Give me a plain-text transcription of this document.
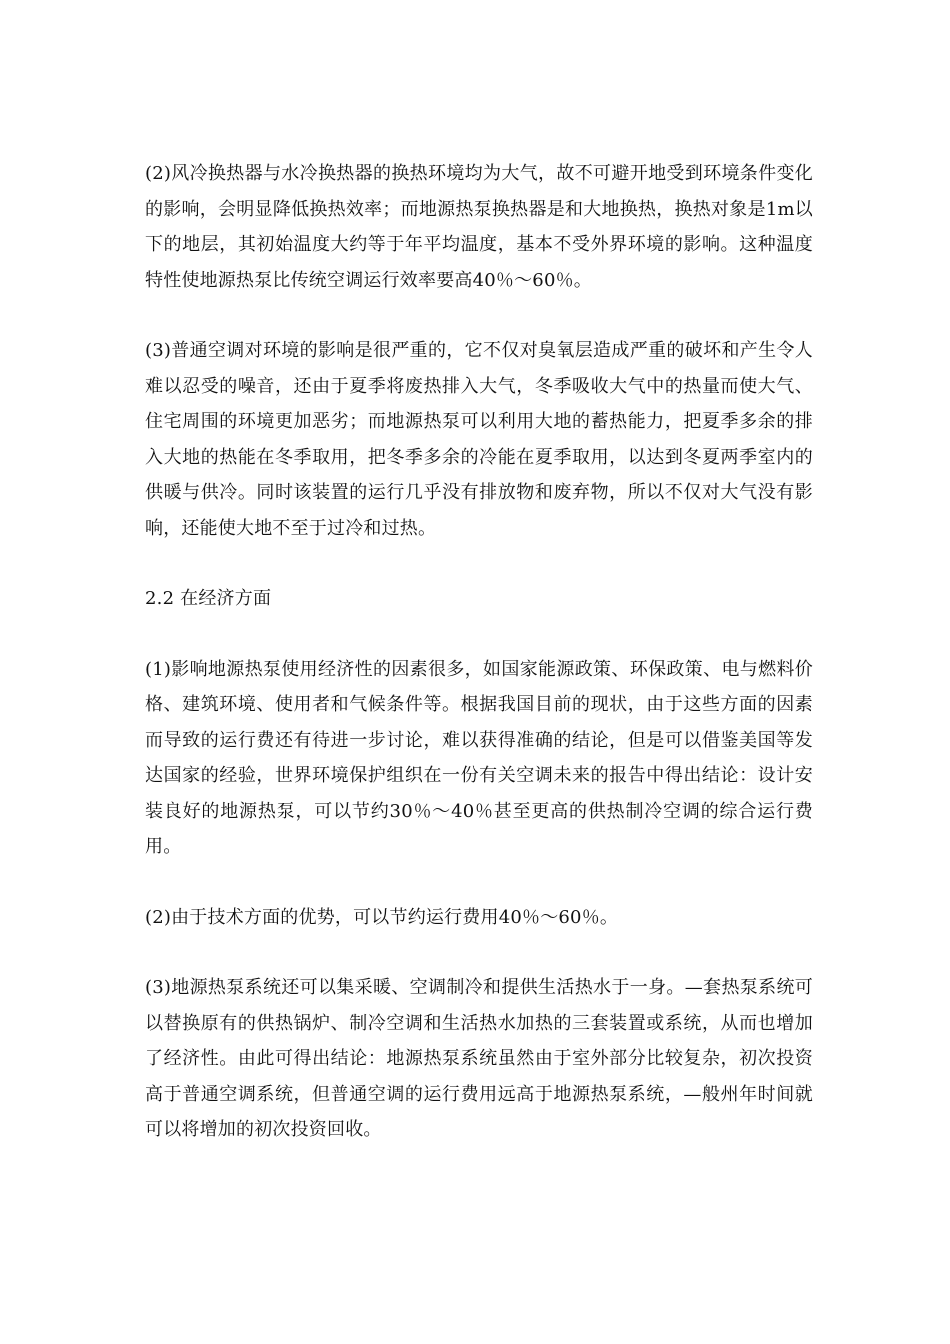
(2)风冷换热器与水冷换热器的换热环境均为大气，故不可避开地受到环境条件变化的影响，会明显降低换热效率；而地源热泵换热器是和大地换热，换热对象是1m以下的地层，其初始温度大约等于年平均温度，基本不受外界环境的影响。这种温度特性使地源热泵比传统空调运行效率要高40％～60％。

(3)普通空调对环境的影响是很严重的，它不仅对臭氧层造成严重的破坏和产生令人难以忍受的噪音，还由于夏季将废热排入大气，冬季吸收大气中的热量而使大气、住宅周围的环境更加恶劣；而地源热泵可以利用大地的蓄热能力，把夏季多余的排入大地的热能在冬季取用，把冬季多余的冷能在夏季取用，以达到冬夏两季室内的供暖与供冷。同时该装置的运行几乎没有排放物和废弃物，所以不仅对大气没有影响，还能使大地不至于过冷和过热。

2.2 在经济方面

(1)影响地源热泵使用经济性的因素很多，如国家能源政策、环保政策、电与燃料价格、建筑环境、使用者和气候条件等。根据我国目前的现状，由于这些方面的因素而导致的运行费还有待进一步讨论，难以获得准确的结论，但是可以借鉴美国等发达国家的经验，世界环境保护组织在一份有关空调未来的报告中得出结论：设计安装良好的地源热泵，可以节约30％～40％甚至更高的供热制冷空调的综合运行费用。

(2)由于技术方面的优势，可以节约运行费用40％～60％。

(3)地源热泵系统还可以集采暖、空调制冷和提供生活热水于一身。—套热泵系统可以替换原有的供热锅炉、制冷空调和生活热水加热的三套装置或系统，从而也增加了经济性。由此可得出结论：地源热泵系统虽然由于室外部分比较复杂，初次投资高于普通空调系统，但普通空调的运行费用远高于地源热泵系统，—般州年时间就可以将增加的初次投资回收。
